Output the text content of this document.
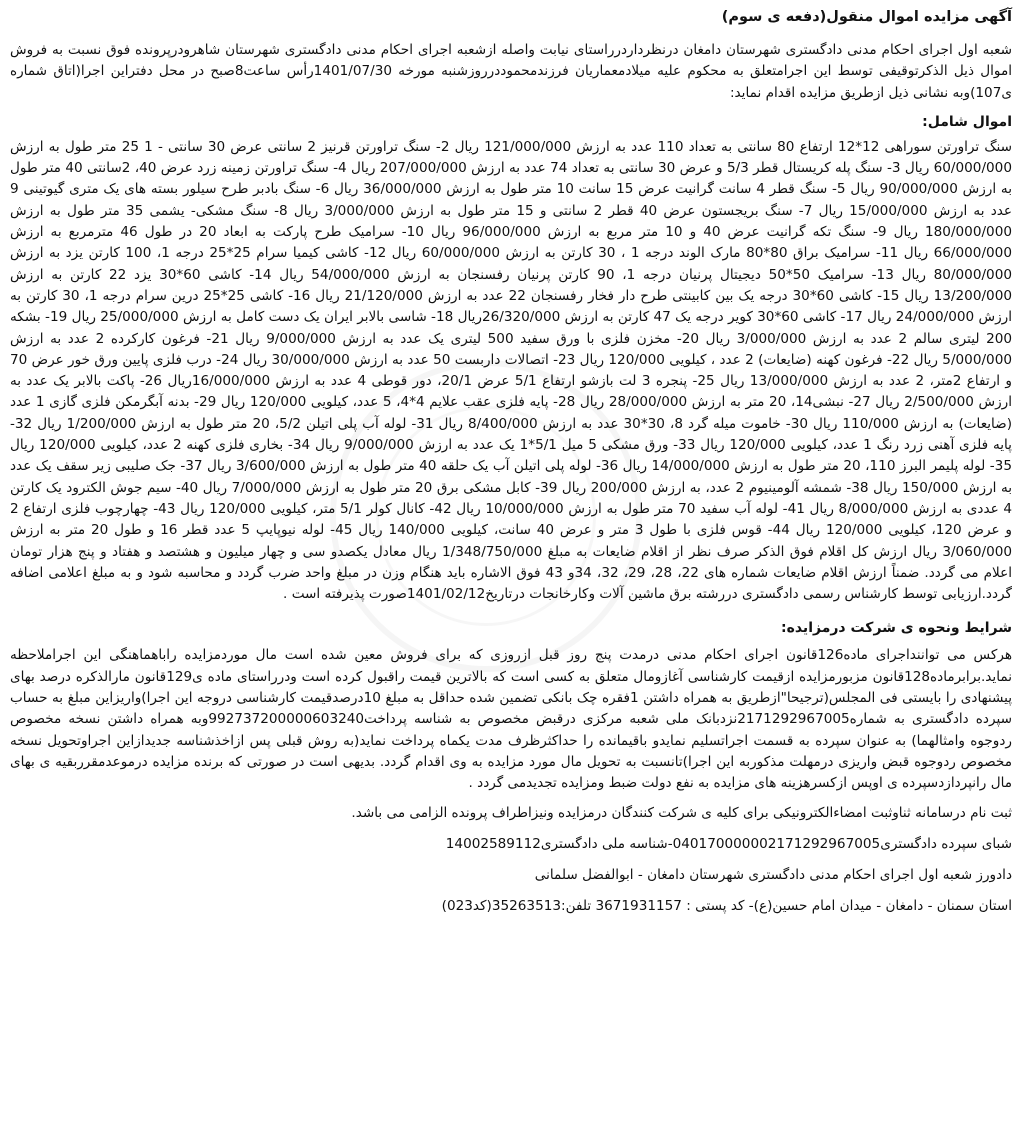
آگهی مزایده اموال منقول(دفعه ی سوم)
شعبه اول اجرای احکام مدنی دادگستری شهرستان دامغان درنظرداردرراستای نیابت واصله ازشعبه اجرای احکام مدنی دادگستری شهرستان شاهرودرپرونده فوق نسبت به فروش اموال ذیل الذکرتوقیفی توسط این اجرامتعلق به محکوم علیه میلادمعماریان فرزندمحموددرروزشنبه مورخه 1401/07/30رأس ساعت8صبح در محل دفتراین اجرا(اتاق شماره ی107)وبه نشانی ذیل ازطریق مزایده اقدام نماید:
اموال شامل:
سنگ تراورتن سوراهی 12*12 ارتفاع 80 سانتی به تعداد 110 عدد به ارزش 121/000/000 ریال 2- سنگ تراورتن قرنیز 2 سانتی عرض 30 سانتی - 1 25 متر طول به ارزش 60/000/000 ریال 3- سنگ پله کریستال قطر 5/3 و عرض 30 سانتی به تعداد 74 عدد به ارزش 207/000/000 ریال 4- سنگ تراورتن زمینه زرد عرض 40، 2سانتی 40 متر طول به ارزش 90/000/000 ریال 5- سنگ قطر 4 سانت گرانیت عرض 15 سانت 10 متر طول به ارزش 36/000/000 ریال 6- سنگ بادبر طرح سیلور بسته های یک متری گیوتینی 9 عدد به ارزش 15/000/000 ریال 7- سنگ بریجستون عرض 40 قطر 2 سانتی و 15 متر طول به ارزش 3/000/000 ریال 8- سنگ مشکی- یشمی 35 متر طول به ارزش 180/000/000 ریال 9- سنگ تکه گرانیت عرض 40 و 10 متر مربع به ارزش 96/000/000 ریال 10- سرامیک طرح پارکت به ابعاد 20 در طول 46 مترمربع به ارزش 66/000/000 ریال 11- سرامیک براق 80*80 مارک الوند درجه 1 ، 30 کارتن به ارزش 60/000/000 ریال 12- کاشی کیمیا سرام 25*25 درجه 1، 100 کارتن یزد به ارزش 80/000/000 ریال 13- سرامیک 50*50 دیجیتال پرنیان درجه 1، 90 کارتن پرنیان رفسنجان به ارزش 54/000/000 ریال 14- کاشی 60*30 یزد 22 کارتن به ارزش 13/200/000 ریال 15- کاشی 60*30 درجه یک بین کابینتی طرح دار فخار رفسنجان 22 عدد به ارزش 21/120/000 ریال 16- کاشی 25*25 درین سرام درجه 1، 30 کارتن به ارزش 24/000/000 ریال 17- کاشی 60*30 کویر درجه یک 47 کارتن به ارزش 26/320/000ریال 18- شاسی بالابر ایران یک دست کامل به ارزش 25/000/000 ریال 19- بشکه 200 لیتری سالم 2 عدد به ارزش 3/000/000 ریال 20- مخزن فلزی با ورق سفید 500 لیتری یک عدد به ارزش 9/000/000 ریال 21- فرغون کارکرده 2 عدد به ارزش 5/000/000 ریال 22- فرغون کهنه (ضایعات) 2 عدد ، کیلویی 120/000 ریال 23- اتصالات داربست 50 عدد به ارزش 30/000/000 ریال 24- درب فلزی پایین ورق خور عرض 70 و ارتفاع 2متر، 2 عدد به ارزش 13/000/000 ریال 25- پنجره 3 لت بازشو ارتفاع 5/1 عرض 20/1، دور قوطی 4 عدد به ارزش 16/000/000ریال 26- پاکت بالابر یک عدد به ارزش 2/500/000 ریال 27- نبشی14، 20 متر به ارزش 28/000/000 ریال 28- پایه فلزی عقب علایم 4*4، 5 عدد، کیلویی 120/000 ریال 29- بدنه آبگرمکن فلزی گازی 1 عدد (ضایعات) به ارزش 110/000 ریال 30- خاموت میله گرد 8، 30*30 عدد به ارزش 8/400/000 ریال 31- لوله آب پلی اتیلن 5/2، 20 متر طول به ارزش 1/200/000 ریال 32- پایه فلزی آهنی زرد رنگ 1 عدد، کیلویی 120/000 ریال 33- ورق مشکی 5 میل 5/1*1 یک عدد به ارزش 9/000/000 ریال 34- بخاری فلزی کهنه 2 عدد، کیلویی 120/000 ریال 35- لوله پلیمر البرز 110، 20 متر طول به ارزش 14/000/000 ریال 36- لوله پلی اتیلن آب یک حلقه 40 متر طول به ارزش 3/600/000 ریال 37- جک صلیبی زیر سقف یک عدد به ارزش 150/000 ریال 38- شمشه آلومینیوم 2 عدد، به ارزش 200/000 ریال 39- کابل مشکی برق 20 متر طول به ارزش 7/000/000 ریال 40- سیم جوش الکترود یک کارتن 4 عددی به ارزش 8/000/000 ریال 41- لوله آب سفید 70 متر طول به ارزش 10/000/000 ریال 42- کانال کولر 5/1 متر، کیلویی 120/000 ریال 43- چهارچوب فلزی ارتفاع 2 و عرض 120، کیلویی 120/000 ریال 44- قوس فلزی با طول 3 متر و عرض 40 سانت، کیلویی 140/000 ریال 45- لوله نیوپایپ 5 عدد قطر 16 و طول 20 متر به ارزش 3/060/000 ریال ارزش کل اقلام فوق الذکر صرف نظر از اقلام ضایعات به مبلغ 1/348/750/000 ریال معادل یکصدو سی و چهار میلیون و هشتصد و هفتاد و پنج هزار تومان اعلام می گردد. ضمناً ارزش اقلام ضایعات شماره های 22، 28، 29، 32، 34و 43 فوق الاشاره باید هنگام وزن در مبلغ واحد ضرب گردد و محاسبه شود و به مبلغ اعلامی اضافه گردد.ارزیابی توسط کارشناس رسمی دادگستری دررشته برق ماشین آلات وکارخانجات درتاریخ1401/02/12صورت پذیرفته است .
شرایط ونحوه ی شرکت درمزایده:
هرکس می تواننداجرای ماده126قانون اجرای احکام مدنی درمدت پنج روز قبل ازروزی که برای فروش معین شده است مال موردمزایده راباهماهنگی این اجراملاحظه نماید.برابرماده128قانون مزبورمزایده ازقیمت کارشناسی آغازومال متعلق به کسی است که بالاترین قیمت راقبول کرده است ودرراستای ماده ی129قانون مارالذکره درصد بهای پیشنهادی را بایستی فی المجلس(ترجیحا"ازطریق به همراه داشتن 1فقره چک بانکی تضمین شده حداقل به مبلغ 10درصدقیمت کارشناسی دروجه این اجرا)واریزاین مبلغ به حساب سپرده دادگستری به شماره2171292967005نزدبانک ملی شعبه مرکزی درقبض مخصوص به شناسه پرداخت992737200000603240وبه همراه داشتن نسخه مخصوص ردوجوه وامثالهما) به عنوان سپرده به قسمت اجراتسلیم نمایدو باقیمانده را حداکثرظرف مدت یکماه پرداخت نماید(به روش قبلی پس ازاخذشناسه جدیدازاین اجراوتحویل نسخه مخصوص ردوجوه قبض واریزی درمهلت مذکوربه این اجرا)تانسبت به تحویل مال مورد مزایده به وی اقدام گردد. بدیهی است در صورتی که برنده مزایده درموعدمقرربقیه ی بهای مال رانپردازدسپرده ی اوپس ازکسرهزینه های مزایده به نفع دولت ضبط ومزایده تجدیدمی گردد .
ثبت نام درسامانه ثناوثبت امضاءالکترونیکی برای کلیه ی شرکت کنندگان درمزایده ونیزاطراف پرونده الزامی می باشد.
شبای سپرده دادگستری040170000002171292967005-شناسه ملی دادگستری14002589112
دادورز شعبه اول اجرای احکام مدنی دادگستری شهرستان دامغان - ابوالفضل سلمانی
استان سمنان - دامغان - میدان امام حسین(ع)- کد پستی : 3671931157 تلفن:35263513(کد023)
